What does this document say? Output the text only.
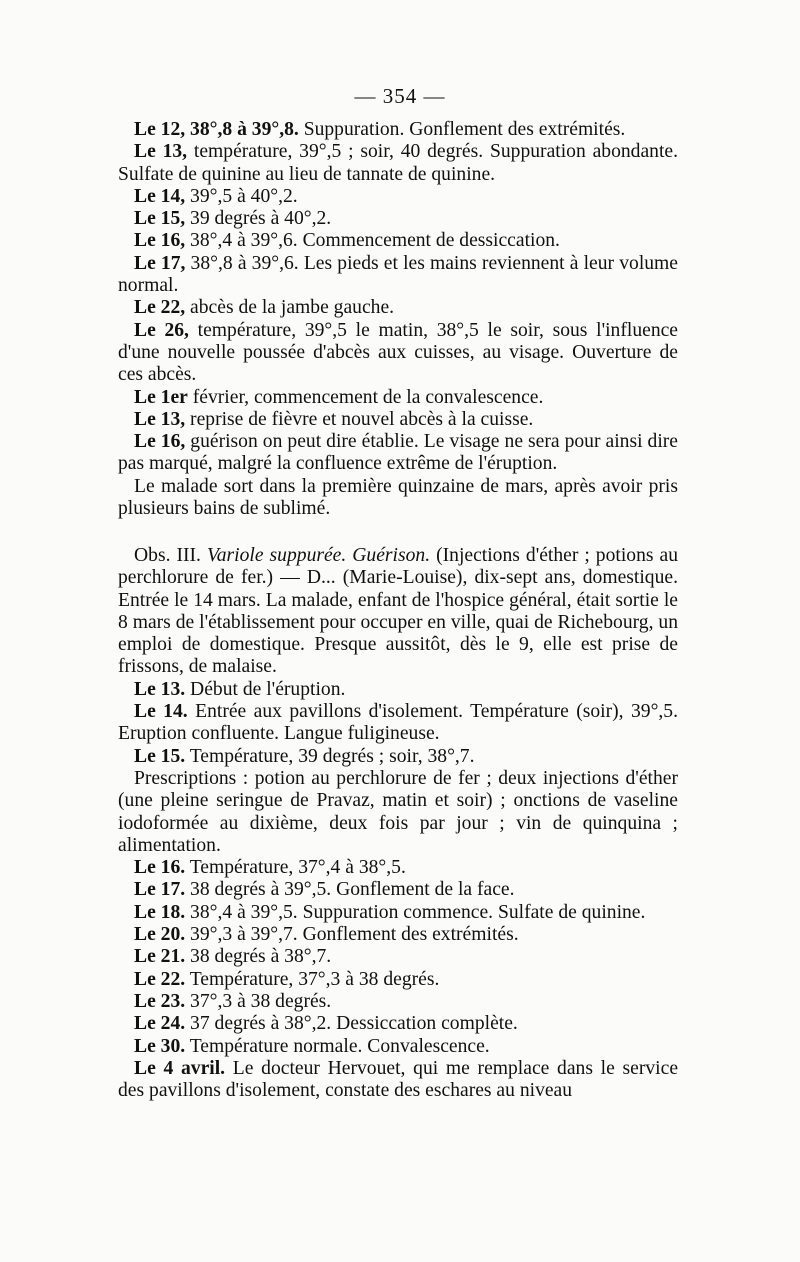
— 354 —

Le 12, 38°,8 à 39°,8. Suppuration. Gonflement des extrémités.

Le 13, température, 39°,5 ; soir, 40 degrés. Suppuration abondante. Sulfate de quinine au lieu de tannate de quinine.

Le 14, 39°,5 à 40°,2.

Le 15, 39 degrés à 40°,2.

Le 16, 38°,4 à 39°,6. Commencement de dessiccation.

Le 17, 38°,8 à 39°,6. Les pieds et les mains reviennent à leur volume normal.

Le 22, abcès de la jambe gauche.

Le 26, température, 39°,5 le matin, 38°,5 le soir, sous l'influence d'une nouvelle poussée d'abcès aux cuisses, au visage. Ouverture de ces abcès.

Le 1er février, commencement de la convalescence.

Le 13, reprise de fièvre et nouvel abcès à la cuisse.

Le 16, guérison on peut dire établie. Le visage ne sera pour ainsi dire pas marqué, malgré la confluence extrême de l'éruption.

Le malade sort dans la première quinzaine de mars, après avoir pris plusieurs bains de sublimé.

Obs. III. Variole suppurée. Guérison. (Injections d'éther ; potions au perchlorure de fer.) — D... (Marie-Louise), dix-sept ans, domestique. Entrée le 14 mars. La malade, enfant de l'hospice général, était sortie le 8 mars de l'établissement pour occuper en ville, quai de Richebourg, un emploi de domestique. Presque aussitôt, dès le 9, elle est prise de frissons, de malaise.

Le 13. Début de l'éruption.

Le 14. Entrée aux pavillons d'isolement. Température (soir), 39°,5. Eruption confluente. Langue fuligineuse.

Le 15. Température, 39 degrés ; soir, 38°,7.

Prescriptions : potion au perchlorure de fer ; deux injections d'éther (une pleine seringue de Pravaz, matin et soir) ; onctions de vaseline iodoformée au dixième, deux fois par jour ; vin de quinquina ; alimentation.

Le 16. Température, 37°,4 à 38°,5.

Le 17. 38 degrés à 39°,5. Gonflement de la face.

Le 18. 38°,4 à 39°,5. Suppuration commence. Sulfate de quinine.

Le 20. 39°,3 à 39°,7. Gonflement des extrémités.

Le 21. 38 degrés à 38°,7.

Le 22. Température, 37°,3 à 38 degrés.

Le 23. 37°,3 à 38 degrés.

Le 24. 37 degrés à 38°,2. Dessiccation complète.

Le 30. Température normale. Convalescence.

Le 4 avril. Le docteur Hervouet, qui me remplace dans le service des pavillons d'isolement, constate des eschares au niveau
